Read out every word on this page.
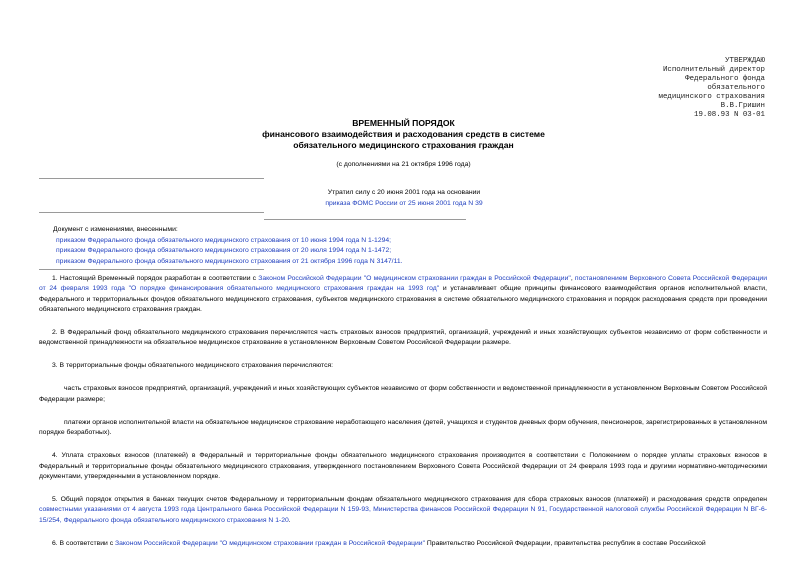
УТВЕРЖДАЮ
Исполнительный директор
Федерального фонда
обязательного
медицинского страхования
В.В.Гришин
19.08.93 N 03-01
ВРЕМЕННЫЙ ПОРЯДОК
финансового взаимодействия и расходования средств в системе
обязательного медицинского страхования граждан
(с дополнениями на 21 октября 1996 года)
Утратил силу с 20 июня 2001 года на основании
приказа ФОМС России от 25 июня 2001 года N 39
Документ с изменениями, внесенными:
приказом Федерального фонда обязательного медицинского страхования от 10 июня 1994 года N 1-1294;
приказом Федерального фонда обязательного медицинского страхования от 20 июля 1994 года N 1-1472;
приказом Федерального фонда обязательного медицинского страхования от 21 октября 1996 года N 3147/11.

1. Настоящий Временный порядок разработан в соответствии с Законом Российской Федерации "О медицинском страховании граждан в Российской Федерации", постановлением Верховного Совета Российской Федерации от 24 февраля 1993 года "О порядке финансирования обязательного медицинского страхования граждан на 1993 год" и устанавливает общие принципы финансового взаимодействия органов исполнительной власти, Федерального и территориальных фондов обязательного медицинского страхования, субъектов медицинского страхования в системе обязательного медицинского страхования и порядок расходования средств при проведении обязательного медицинского страхования граждан.

2. В Федеральный фонд обязательного медицинского страхования перечисляется часть страховых взносов предприятий, организаций, учреждений и иных хозяйствующих субъектов независимо от форм собственности и ведомственной принадлежности на обязательное медицинское страхование в установленном Верховным Советом Российской Федерации размере.

3. В территориальные фонды обязательного медицинского страхования перечисляются:

часть страховых взносов предприятий, организаций, учреждений и иных хозяйствующих субъектов независимо от форм собственности и ведомственной принадлежности в установленном Верховным Советом Российской Федерации размере;

платежи органов исполнительной власти на обязательное медицинское страхование неработающего населения (детей, учащихся и студентов дневных форм обучения, пенсионеров, зарегистрированных в установленном порядке безработных).

4. Уплата страховых взносов (платежей) в Федеральный и территориальные фонды обязательного медицинского страхования производится в соответствии с Положением о порядке уплаты страховых взносов в Федеральный и территориальные фонды обязательного медицинского страхования, утвержденного постановлением Верховного Совета Российской Федерации от 24 февраля 1993 года и другими нормативно-методическими документами, утвержденными в установленном порядке.

5. Общий порядок открытия в банках текущих счетов Федеральному и территориальным фондам обязательного медицинского страхования для сбора страховых взносов (платежей) и расходования средств определен совместными указаниями от 4 августа 1993 года Центрального банка Российской Федерации N 159-93, Министерства финансов Российской Федерации N 91, Государственной налоговой службы Российской Федерации N ВГ-6-15/254, Федерального фонда обязательного медицинского страхования N 1-20.

6. В соответствии с Законом Российской Федерации "О медицинском страховании граждан в Российской Федерации" Правительство Российской Федерации, правительства республик в составе Российской
